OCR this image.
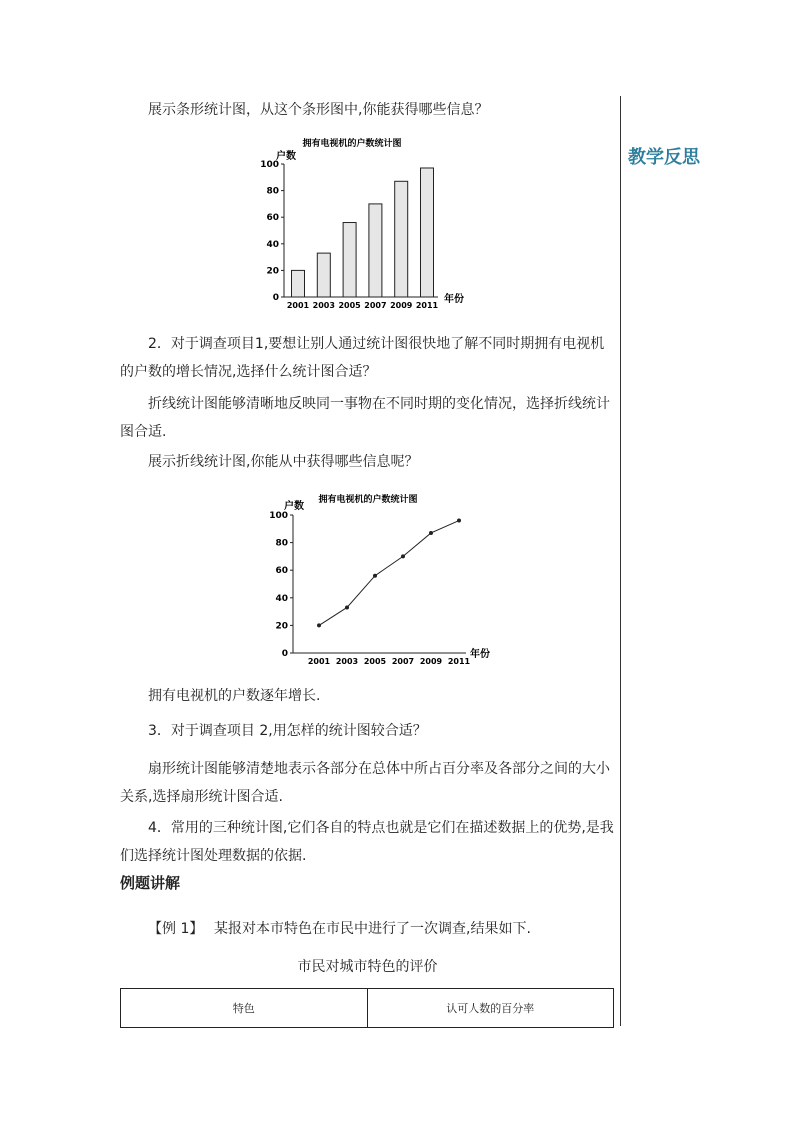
教学反思
展示条形统计图，从这个条形图中,你能获得哪些信息？
拥有电视机的户数统计图
户数
年份
0
20
40
60
80
100
2001 2003 2005 2007 2009 2011
2．对于调查项目1,要想让别人通过统计图很快地了解不同时期拥有电视机的户数的增长情况,选择什么统计图合适？
折线统计图能够清晰地反映同一事物在不同时期的变化情况，选择折线统计图合适.
展示折线统计图,你能从中获得哪些信息呢？
拥有电视机的户数统计图
户数
年份
0
20
40
60
80
100
2001 2003 2005 2007 2009 2011
拥有电视机的户数逐年增长.
3．对于调查项目 2,用怎样的统计图较合适？
扇形统计图能够清楚地表示各部分在总体中所占百分率及各部分之间的大小关系,选择扇形统计图合适.
4．常用的三种统计图,它们各自的特点也就是它们在描述数据上的优势,是我们选择统计图处理数据的依据.
例题讲解
【例 1】 某报对本市特色在市民中进行了一次调查,结果如下.
市民对城市特色的评价
特色	认可人数的百分率
